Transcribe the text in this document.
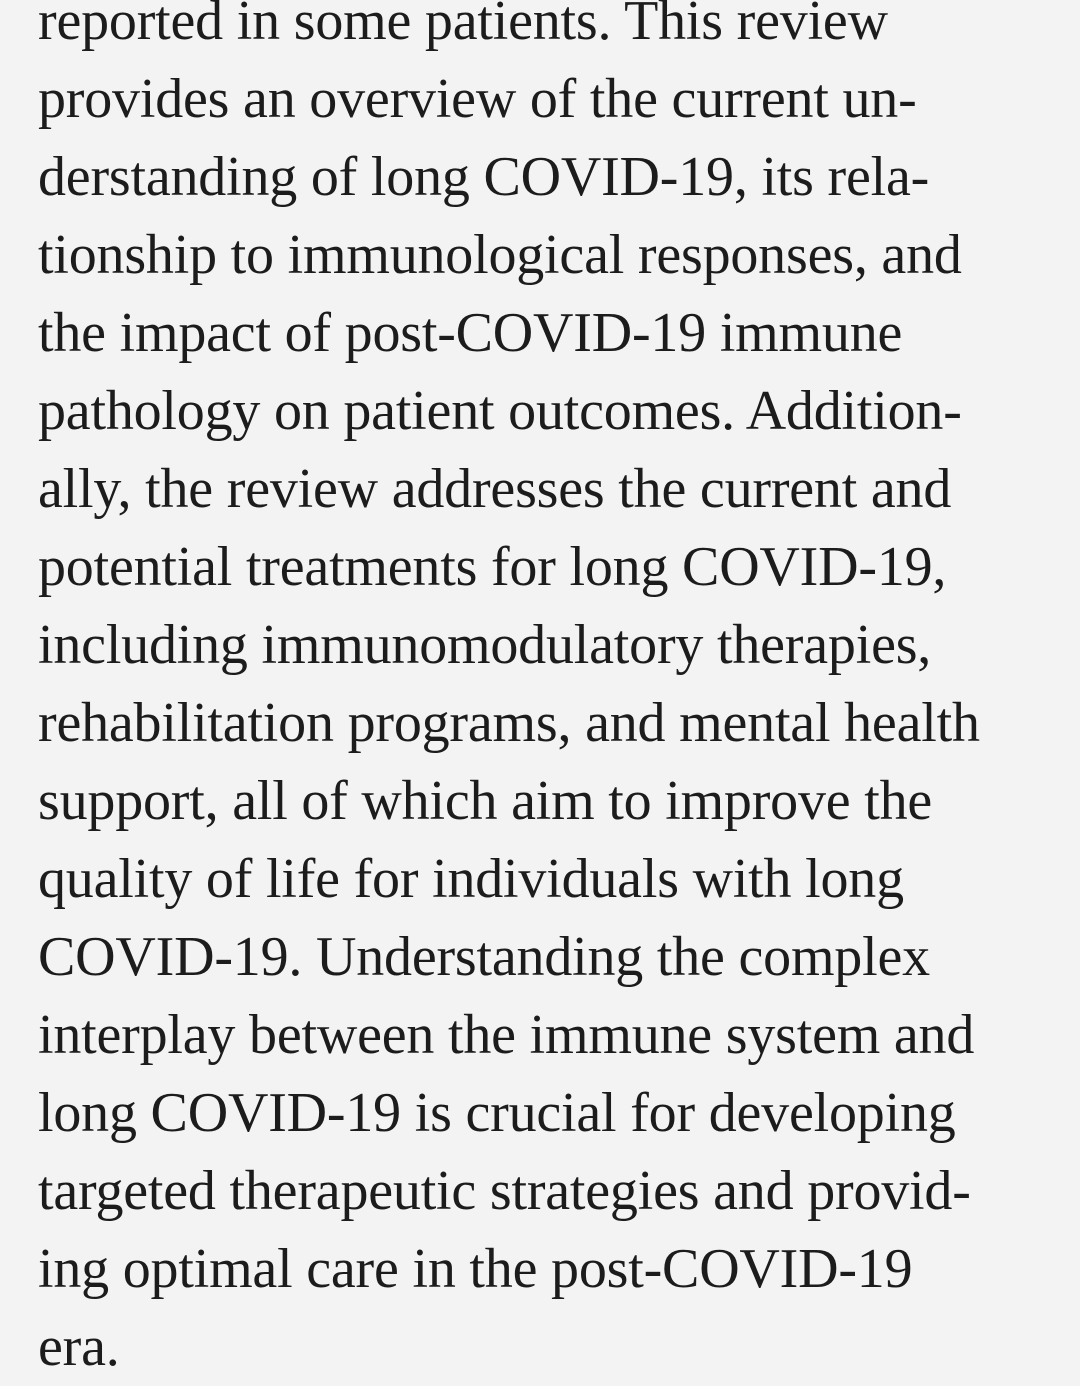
reported in some patients. This review
provides an overview of the current un-
derstanding of long COVID-19, its rela-
tionship to immunological responses, and
the impact of post-COVID-19 immune
pathology on patient outcomes. Addition-
ally, the review addresses the current and
potential treatments for long COVID-19,
including immunomodulatory therapies,
rehabilitation programs, and mental health
support, all of which aim to improve the
quality of life for individuals with long
COVID-19. Understanding the complex
interplay between the immune system and
long COVID-19 is crucial for developing
targeted therapeutic strategies and provid-
ing optimal care in the post-COVID-19
era.
